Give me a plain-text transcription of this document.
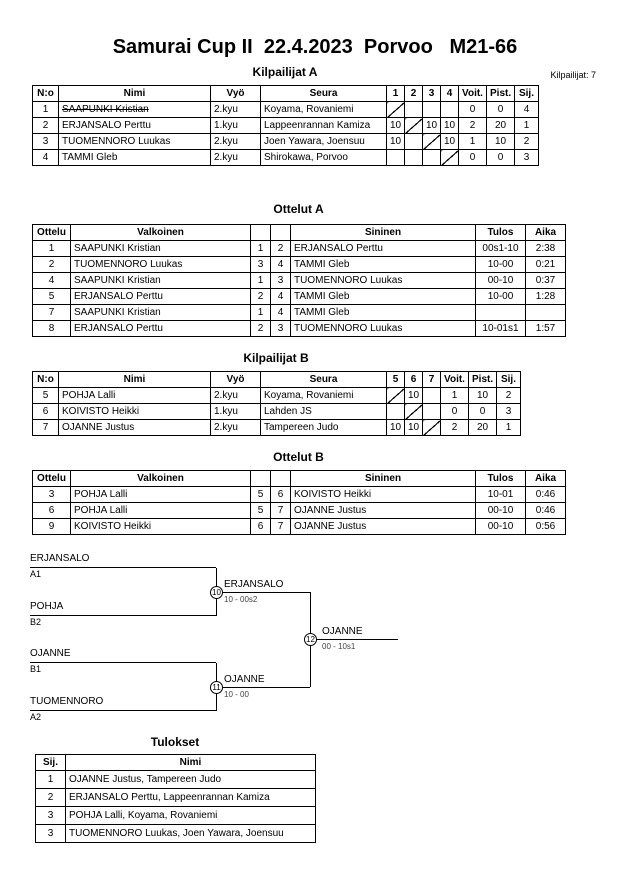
Samurai Cup II  22.4.2023  Porvoo   M21-66
Kilpailijat A	Kilpailijat: 7
N:o	Nimi	Vyö	Seura	1	2	3	4	Voit.	Pist.	Sij.
1	SAAPUNKI Kristian	2.kyu	Koyama, Rovaniemi					0	0	4
2	ERJANSALO Perttu	1.kyu	Lappeenrannan Kamiza	10		10	10	2	20	1
3	TUOMENNORO Luukas	2.kyu	Joen Yawara, Joensuu	10			10	1	10	2
4	TAMMI Gleb	2.kyu	Shirokawa, Porvoo					0	0	3
Ottelut A
Ottelu	Valkoinen			Sininen	Tulos	Aika
1	SAAPUNKI Kristian	1	2	ERJANSALO Perttu	00s1-10	2:38
2	TUOMENNORO Luukas	3	4	TAMMI Gleb	10-00	0:21
4	SAAPUNKI Kristian	1	3	TUOMENNORO Luukas	00-10	0:37
5	ERJANSALO Perttu	2	4	TAMMI Gleb	10-00	1:28
7	SAAPUNKI Kristian	1	4	TAMMI Gleb		
8	ERJANSALO Perttu	2	3	TUOMENNORO Luukas	10-01s1	1:57
Kilpailijat B
N:o	Nimi	Vyö	Seura	5	6	7	Voit.	Pist.	Sij.
5	POHJA Lalli	2.kyu	Koyama, Rovaniemi		10		1	10	2
6	KOIVISTO Heikki	1.kyu	Lahden JS				0	0	3
7	OJANNE Justus	2.kyu	Tampereen Judo	10	10		2	20	1
Ottelut B
Ottelu	Valkoinen			Sininen	Tulos	Aika
3	POHJA Lalli	5	6	KOIVISTO Heikki	10-01	0:46
6	POHJA Lalli	5	7	OJANNE Justus	00-10	0:46
9	KOIVISTO Heikki	6	7	OJANNE Justus	00-10	0:56
ERJANSALO
A1
POHJA
B2
OJANNE
B1
TUOMENNORO
A2
ERJANSALO
10 - 00s2
10
OJANNE
10 - 00
11
OJANNE
00 - 10s1
12
Tulokset
Sij.	Nimi
1	OJANNE Justus, Tampereen Judo
2	ERJANSALO Perttu, Lappeenrannan Kamiza
3	POHJA Lalli, Koyama, Rovaniemi
3	TUOMENNORO Luukas, Joen Yawara, Joensuu
